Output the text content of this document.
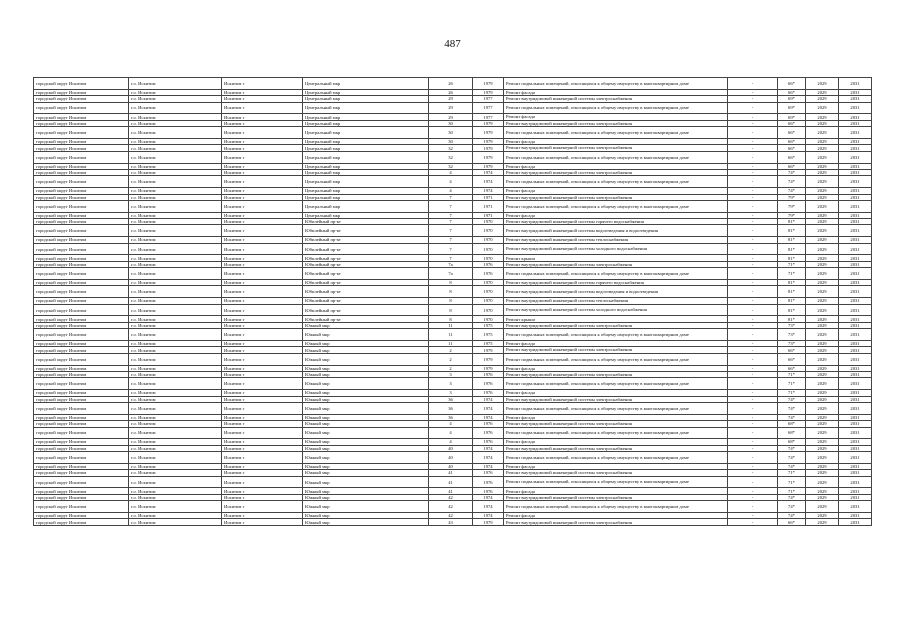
487
городской округ Искитим	г.о. Искитим	Искитим г	Центральный мкр	26	1979	Ремонт подвальных помещений, относящихся к общему имуществу в многоквартирном доме	-	66*	2029	2031
городской округ Искитим	г.о. Искитим	Искитим г	Центральный мкр	26	1979	Ремонт фасада	-	66*	2029	2031
городской округ Искитим	г.о. Искитим	Искитим г	Центральный мкр	29	1977	Ремонт внутридомовой инженерной системы электроснабжения	-	69*	2029	2031
городской округ Искитим	г.о. Искитим	Искитим г	Центральный мкр	29	1977	Ремонт подвальных помещений, относящихся к общему имуществу в многоквартирном доме	-	69*	2029	2031
городской округ Искитим	г.о. Искитим	Искитим г	Центральный мкр	29	1977	Ремонт фасада	-	69*	2029	2031
городской округ Искитим	г.о. Искитим	Искитим г	Центральный мкр	30	1979	Ремонт внутридомовой инженерной системы электроснабжения	-	66*	2029	2031
городской округ Искитим	г.о. Искитим	Искитим г	Центральный мкр	30	1979	Ремонт подвальных помещений, относящихся к общему имуществу в многоквартирном доме	-	66*	2029	2031
городской округ Искитим	г.о. Искитим	Искитим г	Центральный мкр	30	1979	Ремонт фасада	-	66*	2029	2031
городской округ Искитим	г.о. Искитим	Искитим г	Центральный мкр	32	1979	Ремонт внутридомовой инженерной системы электроснабжения	-	66*	2029	2031
городской округ Искитим	г.о. Искитим	Искитим г	Центральный мкр	32	1979	Ремонт подвальных помещений, относящихся к общему имуществу в многоквартирном доме	-	66*	2029	2031
городской округ Искитим	г.о. Искитим	Искитим г	Центральный мкр	32	1979	Ремонт фасада	-	66*	2029	2031
городской округ Искитим	г.о. Искитим	Искитим г	Центральный мкр	4	1974	Ремонт внутридомовой инженерной системы электроснабжения	-	74*	2029	2031
городской округ Искитим	г.о. Искитим	Искитим г	Центральный мкр	4	1974	Ремонт подвальных помещений, относящихся к общему имуществу в многоквартирном доме	-	74*	2029	2031
городской округ Искитим	г.о. Искитим	Искитим г	Центральный мкр	4	1974	Ремонт фасада	-	74*	2029	2031
городской округ Искитим	г.о. Искитим	Искитим г	Центральный мкр	7	1971	Ремонт внутридомовой инженерной системы электроснабжения	-	79*	2029	2031
городской округ Искитим	г.о. Искитим	Искитим г	Центральный мкр	7	1971	Ремонт подвальных помещений, относящихся к общему имуществу в многоквартирном доме	-	79*	2029	2031
городской округ Искитим	г.о. Искитим	Искитим г	Центральный мкр	7	1971	Ремонт фасада	-	79*	2029	2031
городской округ Искитим	г.о. Искитим	Искитим г	Юбилейный пр-кт	7	1970	Ремонт внутридомовой инженерной системы горячего водоснабжения	-	81*	2029	2031
городской округ Искитим	г.о. Искитим	Искитим г	Юбилейный пр-кт	7	1970	Ремонт внутридомовой инженерной системы водоотведения и водоотведения	-	81*	2029	2031
городской округ Искитим	г.о. Искитим	Искитим г	Юбилейный пр-кт	7	1970	Ремонт внутридомовой инженерной системы теплоснабжения	-	81*	2029	2031
городской округ Искитим	г.о. Искитим	Искитим г	Юбилейный пр-кт	7	1970	Ремонт внутридомовой инженерной системы холодного водоснабжения	-	81*	2029	2031
городской округ Искитим	г.о. Искитим	Искитим г	Юбилейный пр-кт	7	1970	Ремонт крыши	-	81*	2029	2031
городской округ Искитим	г.о. Искитим	Искитим г	Юбилейный пр-кт	7а	1976	Ремонт внутридомовой инженерной системы электроснабжения	-	71*	2029	2031
городской округ Искитим	г.о. Искитим	Искитим г	Юбилейный пр-кт	7а	1976	Ремонт подвальных помещений, относящихся к общему имуществу в многоквартирном доме	-	71*	2029	2031
городской округ Искитим	г.о. Искитим	Искитим г	Юбилейный пр-кт	8	1970	Ремонт внутридомовой инженерной системы горячего водоснабжения	-	81*	2029	2031
городской округ Искитим	г.о. Искитим	Искитим г	Юбилейный пр-кт	8	1970	Ремонт внутридомовой инженерной системы водоотведения и водоотведения	-	81*	2029	2031
городской округ Искитим	г.о. Искитим	Искитим г	Юбилейный пр-кт	8	1970	Ремонт внутридомовой инженерной системы теплоснабжения	-	81*	2029	2031
городской округ Искитим	г.о. Искитим	Искитим г	Юбилейный пр-кт	8	1970	Ремонт внутридомовой инженерной системы холодного водоснабжения	-	81*	2029	2031
городской округ Искитим	г.о. Искитим	Искитим г	Юбилейный пр-кт	8	1970	Ремонт крыши	-	81*	2029	2031
городской округ Искитим	г.о. Искитим	Искитим г	Южный мкр	11	1975	Ремонт внутридомовой инженерной системы электроснабжения	-	73*	2029	2031
городской округ Искитим	г.о. Искитим	Искитим г	Южный мкр	11	1975	Ремонт подвальных помещений, относящихся к общему имуществу в многоквартирном доме	-	73*	2029	2031
городской округ Искитим	г.о. Искитим	Искитим г	Южный мкр	11	1975	Ремонт фасада	-	73*	2029	2031
городской округ Искитим	г.о. Искитим	Искитим г	Южный мкр	2	1979	Ремонт внутридомовой инженерной системы электроснабжения	-	66*	2029	2031
городской округ Искитим	г.о. Искитим	Искитим г	Южный мкр	2	1979	Ремонт подвальных помещений, относящихся к общему имуществу в многоквартирном доме	-	66*	2029	2031
городской округ Искитим	г.о. Искитим	Искитим г	Южный мкр	2	1979	Ремонт фасада	-	66*	2029	2031
городской округ Искитим	г.о. Искитим	Искитим г	Южный мкр	3	1976	Ремонт внутридомовой инженерной системы электроснабжения	-	71*	2029	2031
городской округ Искитим	г.о. Искитим	Искитим г	Южный мкр	3	1976	Ремонт подвальных помещений, относящихся к общему имуществу в многоквартирном доме	-	71*	2029	2031
городской округ Искитим	г.о. Искитим	Искитим г	Южный мкр	3	1976	Ремонт фасада	-	71*	2029	2031
городской округ Искитим	г.о. Искитим	Искитим г	Южный мкр	36	1974	Ремонт внутридомовой инженерной системы электроснабжения	-	74*	2029	2031
городской округ Искитим	г.о. Искитим	Искитим г	Южный мкр	36	1974	Ремонт подвальных помещений, относящихся к общему имуществу в многоквартирном доме	-	74*	2029	2031
городской округ Искитим	г.о. Искитим	Искитим г	Южный мкр	36	1974	Ремонт фасада	-	74*	2029	2031
городской округ Искитим	г.о. Искитим	Искитим г	Южный мкр	4	1976	Ремонт внутридомовой инженерной системы электроснабжения	-	68*	2029	2031
городской округ Искитим	г.о. Искитим	Искитим г	Южный мкр	4	1976	Ремонт подвальных помещений, относящихся к общему имуществу в многоквартирном доме	-	68*	2029	2031
городской округ Искитим	г.о. Искитим	Искитим г	Южный мкр	4	1976	Ремонт фасада	-	68*	2029	2031
городской округ Искитим	г.о. Искитим	Искитим г	Южный мкр	40	1974	Ремонт внутридомовой инженерной системы электроснабжения	-	74*	2029	2031
городской округ Искитим	г.о. Искитим	Искитим г	Южный мкр	40	1974	Ремонт подвальных помещений, относящихся к общему имуществу в многоквартирном доме	-	74*	2029	2031
городской округ Искитим	г.о. Искитим	Искитим г	Южный мкр	40	1974	Ремонт фасада	-	74*	2029	2031
городской округ Искитим	г.о. Искитим	Искитим г	Южный мкр	41	1976	Ремонт внутридомовой инженерной системы электроснабжения	-	71*	2029	2031
городской округ Искитим	г.о. Искитим	Искитим г	Южный мкр	41	1976	Ремонт подвальных помещений, относящихся к общему имуществу в многоквартирном доме	-	71*	2029	2031
городской округ Искитим	г.о. Искитим	Искитим г	Южный мкр	41	1976	Ремонт фасада	-	71*	2029	2031
городской округ Искитим	г.о. Искитим	Искитим г	Южный мкр	42	1974	Ремонт внутридомовой инженерной системы электроснабжения	-	74*	2029	2031
городской округ Искитим	г.о. Искитим	Искитим г	Южный мкр	42	1974	Ремонт подвальных помещений, относящихся к общему имуществу в многоквартирном доме	-	74*	2029	2031
городской округ Искитим	г.о. Искитим	Искитим г	Южный мкр	42	1974	Ремонт фасада	-	74*	2029	2031
городской округ Искитим	г.о. Искитим	Искитим г	Южный мкр	43	1979	Ремонт внутридомовой инженерной системы электроснабжения	-	66*	2029	2031
